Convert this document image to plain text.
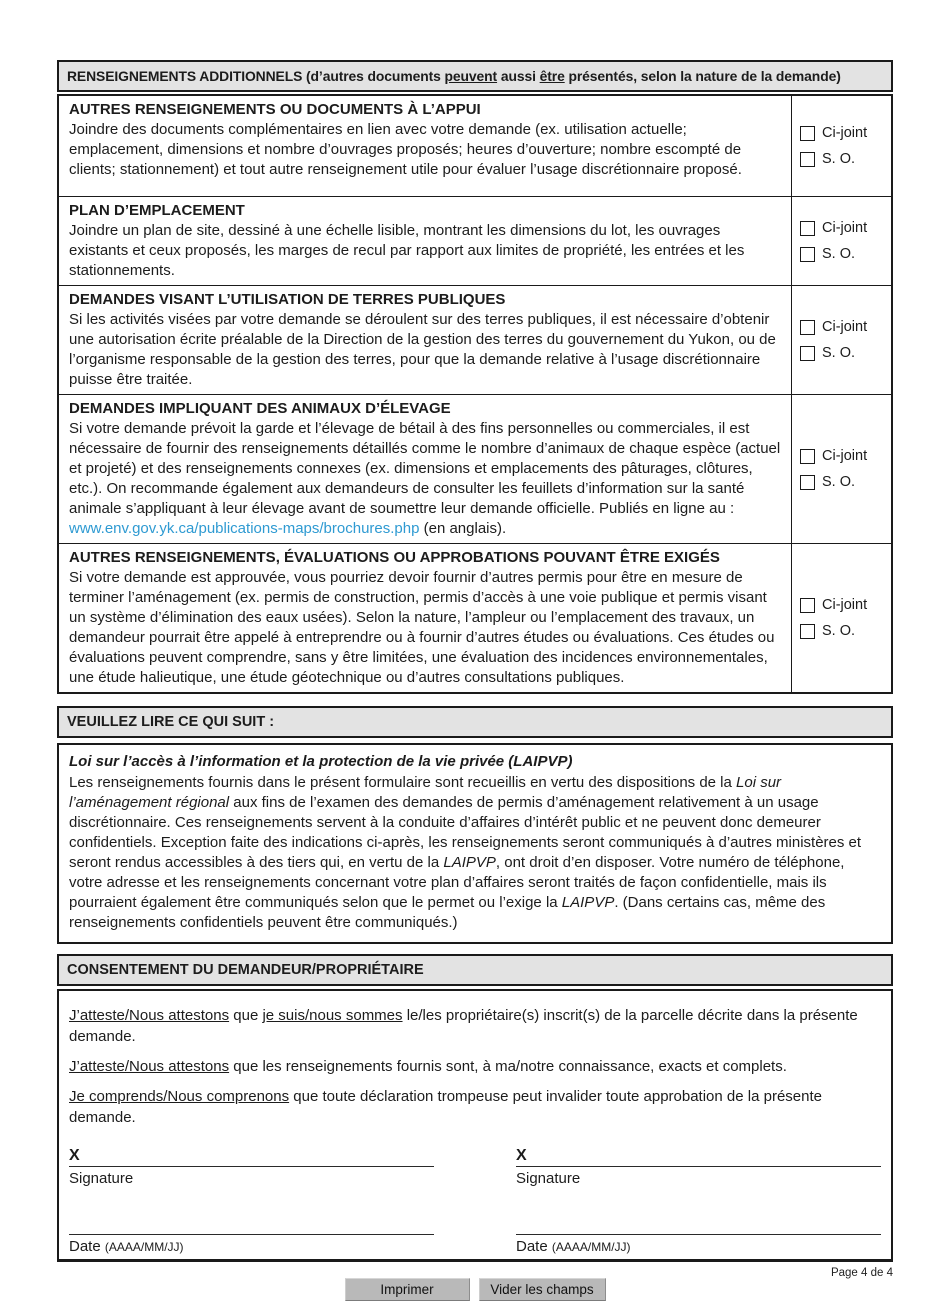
RENSEIGNEMENTS ADDITIONNELS (d’autres documents peuvent aussi être présentés, selon la nature de la demande)
AUTRES RENSEIGNEMENTS OU DOCUMENTS À L’APPUI
Joindre des documents complémentaires en lien avec votre demande (ex. utilisation actuelle; emplacement, dimensions et nombre d’ouvrages proposés; heures d’ouverture; nombre escompté de clients; stationnement) et tout autre renseignement utile pour évaluer l’usage discrétionnaire proposé.
Ci-joint
S. O.
PLAN D’EMPLACEMENT
Joindre un plan de site, dessiné à une échelle lisible, montrant les dimensions du lot, les ouvrages existants et ceux proposés, les marges de recul par rapport aux limites de propriété, les entrées et les stationnements.
Ci-joint
S. O.
DEMANDES VISANT L’UTILISATION DE TERRES PUBLIQUES
Si les activités visées par votre demande se déroulent sur des terres publiques, il est nécessaire d’obtenir une autorisation écrite préalable de la Direction de la gestion des terres du gouvernement du Yukon, ou de l’organisme responsable de la gestion des terres, pour que la demande relative à l’usage discrétionnaire puisse être traitée.
Ci-joint
S. O.
DEMANDES IMPLIQUANT DES ANIMAUX D’ÉLEVAGE
Si votre demande prévoit la garde et l’élevage de bétail à des fins personnelles ou commerciales, il est nécessaire de fournir des renseignements détaillés comme le nombre d’animaux de chaque espèce (actuel et projeté) et des renseignements connexes (ex. dimensions et emplacements des pâturages, clôtures, etc.). On recommande également aux demandeurs de consulter les feuillets d’information sur la santé animale s’appliquant à leur élevage avant de soumettre leur demande officielle. Publiés en ligne au : www.env.gov.yk.ca/publications-maps/brochures.php (en anglais).
Ci-joint
S. O.
AUTRES RENSEIGNEMENTS, ÉVALUATIONS OU APPROBATIONS POUVANT ÊTRE EXIGÉS
Si votre demande est approuvée, vous pourriez devoir fournir d’autres permis pour être en mesure de terminer l’aménagement (ex. permis de construction, permis d’accès à une voie publique et permis visant un système d’élimination des eaux usées). Selon la nature, l’ampleur ou l’emplacement des travaux, un demandeur pourrait être appelé à entreprendre ou à fournir d’autres études ou évaluations. Ces études ou évaluations peuvent comprendre, sans y être limitées, une évaluation des incidences environnementales, une étude halieutique, une étude géotechnique ou d’autres consultations publiques.
Ci-joint
S. O.
VEUILLEZ LIRE CE QUI SUIT :
Loi sur l’accès à l’information et la protection de la vie privée (LAIPVP)
Les renseignements fournis dans le présent formulaire sont recueillis en vertu des dispositions de la Loi sur l’aménagement régional aux fins de l’examen des demandes de permis d’aménagement relativement à un usage discrétionnaire. Ces renseignements servent à la conduite d’affaires d’intérêt public et ne peuvent donc demeurer confidentiels. Exception faite des indications ci-après, les renseignements seront communiqués à d’autres ministères et seront rendus accessibles à des tiers qui, en vertu de la LAIPVP, ont droit d’en disposer. Votre numéro de téléphone, votre adresse et les renseignements concernant votre plan d’affaires seront traités de façon confidentielle, mais ils pourraient également être communiqués selon que le permet ou l’exige la LAIPVP. (Dans certains cas, même des renseignements confidentiels peuvent être communiqués.)
CONSENTEMENT DU DEMANDEUR/PROPRIÉTAIRE
J’atteste/Nous attestons que je suis/nous sommes le/les propriétaire(s) inscrit(s) de la parcelle décrite dans la présente demande.
J’atteste/Nous attestons que les renseignements fournis sont, à ma/notre connaissance, exacts et complets.
Je comprends/Nous comprenons que toute déclaration trompeuse peut invalider toute approbation de la présente demande.
X
Signature
Date (AAAA/MM/JJ)
X
Signature
Date (AAAA/MM/JJ)
Page 4 de 4
Imprimer	Vider les champs
